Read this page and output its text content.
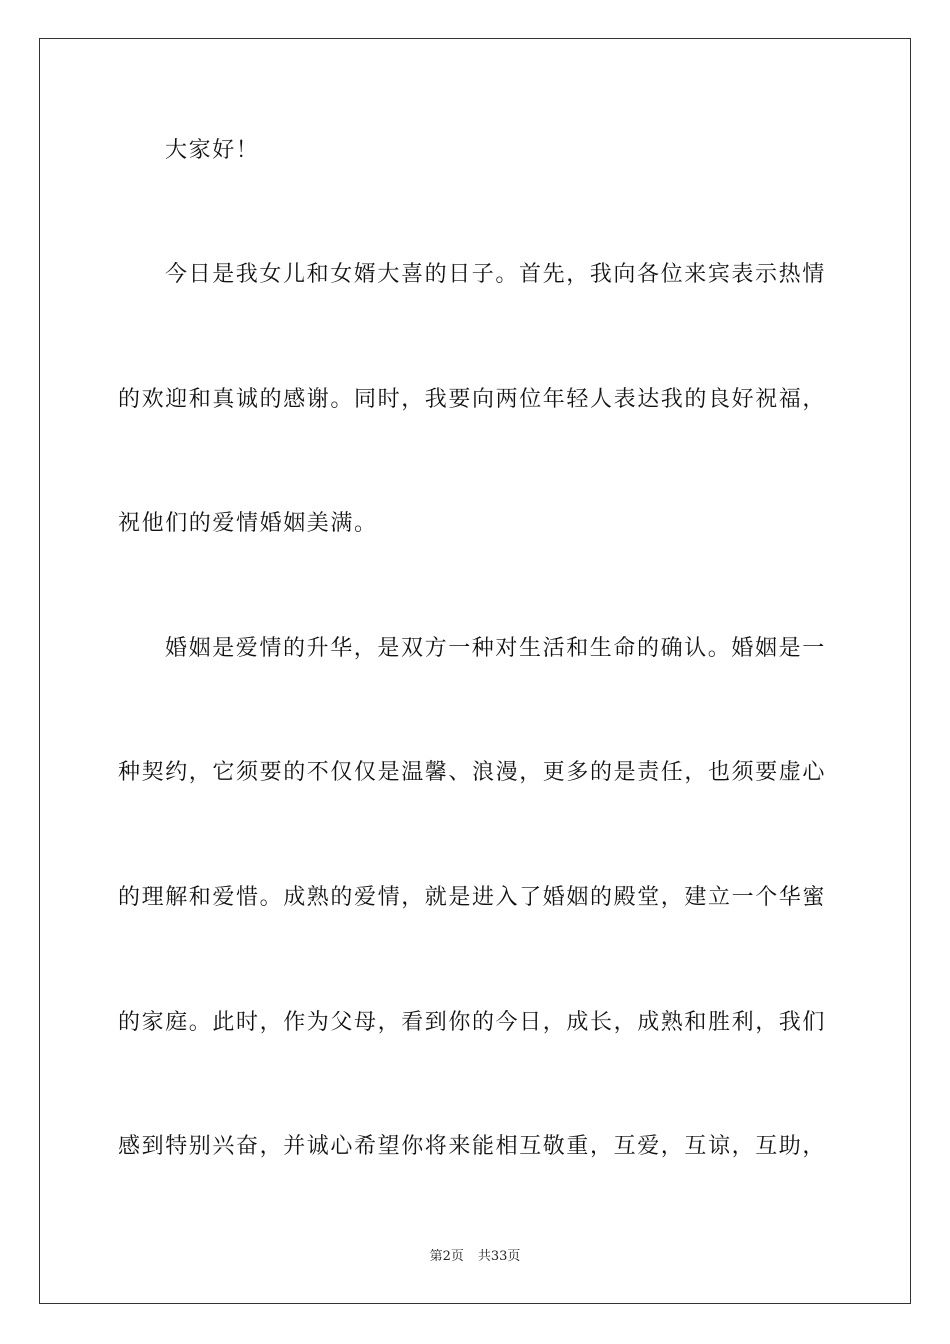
大家好！
今日是我女儿和女婿大喜的日子。首先，我向各位来宾表示热情
的欢迎和真诚的感谢。同时，我要向两位年轻人表达我的良好祝福，
祝他们的爱情婚姻美满。
婚姻是爱情的升华，是双方一种对生活和生命的确认。婚姻是一
种契约，它须要的不仅仅是温馨、浪漫，更多的是责任，也须要虚心
的理解和爱惜。成熟的爱情，就是进入了婚姻的殿堂，建立一个华蜜
的家庭。此时，作为父母，看到你的今日，成长，成熟和胜利，我们
感到特别兴奋，并诚心希望你将来能相互敬重，互爱，互谅，互助，
第2页 共33页
